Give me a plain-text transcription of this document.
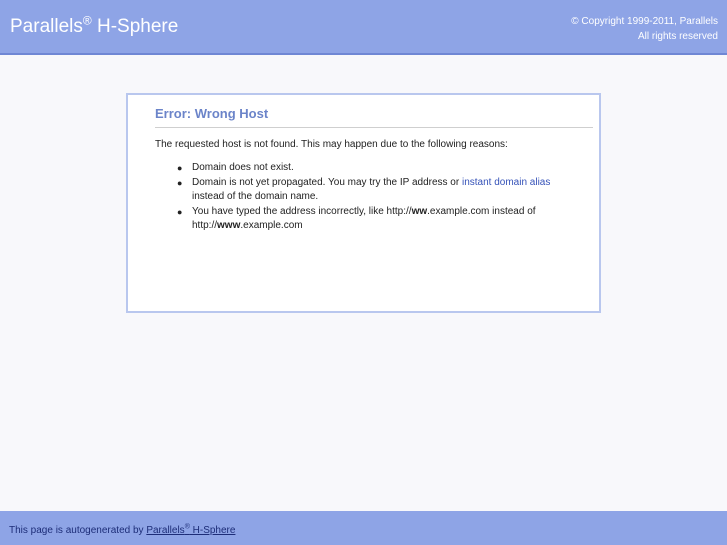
Parallels® H-Sphere	© Copyright 1999-2011, Parallels
All rights reserved
Error: Wrong Host
The requested host is not found. This may happen due to the following reasons:
● Domain does not exist.
● Domain is not yet propagated. You may try the IP address or instant domain alias instead of the domain name.
● You have typed the address incorrectly, like http://ww.example.com instead of http://www.example.com
This page is autogenerated by Parallels® H-Sphere
